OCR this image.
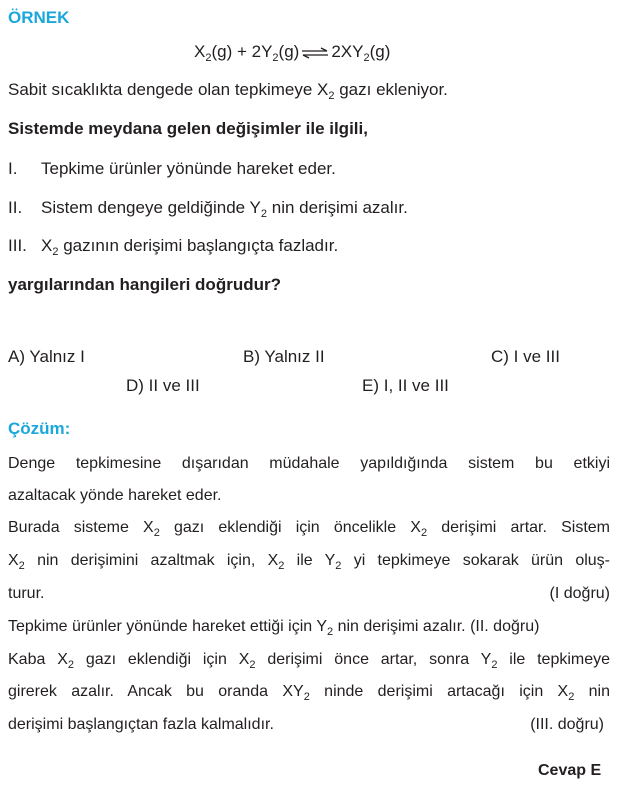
ÖRNEK
$X_2(g) + 2Y_2(g)$ ⇌ $2XY_2(g)$
Sabit sıcaklıkta dengede olan tepkimeye $X_2$ gazı ekleniyor.
Sistemde meydana gelen değişimler ile ilgili,
I. Tepkime ürünler yönünde hareket eder.
II. Sistem dengeye geldiğinde $Y_2$ nin derişimi azalır.
III. $X_2$ gazının derişimi başlangıçta fazladır.
yargılarından hangileri doğrudur?
A) Yalnız I	B) Yalnız II	C) I ve III
D) II ve III	E) I, II ve III
Çözüm:
Denge tepkimesine dışarıdan müdahale yapıldığında sistem bu etkiyi
azaltacak yönde hareket eder.
Burada sisteme $X_2$ gazı eklendiği için öncelikle $X_2$ derişimi artar. Sistem
$X_2$ nin derişimini azaltmak için, $X_2$ ile $Y_2$ yi tepkimeye sokarak ürün oluş-
turur.	(I doğru)
Tepkime ürünler yönünde hareket ettiği için $Y_2$ nin derişimi azalır. (II. doğru)
Kaba $X_2$ gazı eklendiği için $X_2$ derişimi önce artar, sonra $Y_2$ ile tepkimeye
girerek azalır. Ancak bu oranda $XY_2$ ninde derişimi artacağı için $X_2$ nin
derişimi başlangıçtan fazla kalmalıdır.	(III. doğru)
Cevap E
